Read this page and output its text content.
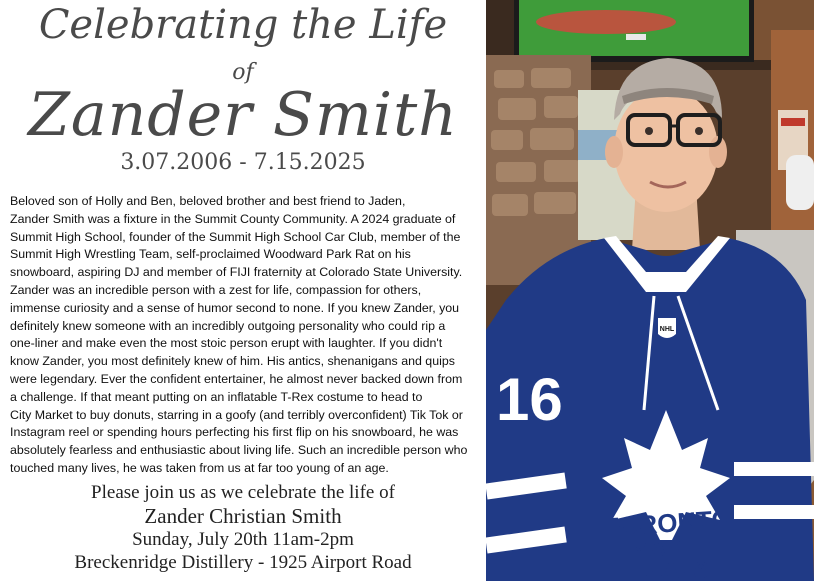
Celebrating the Life
of
Zander Smith
3.07.2006 - 7.15.2025
Beloved son of Holly and Ben, beloved brother and best friend to Jaden,
Zander Smith was a fixture in the Summit County Community. A 2024 graduate of
Summit High School, founder of the Summit High School Car Club, member of the
Summit High Wrestling Team, self-proclaimed Woodward Park Rat on his
snowboard, aspiring DJ and member of FIJI fraternity at Colorado State University.
Zander was an incredible person with a zest for life, compassion for others,
immense curiosity and a sense of humor second to none. If you knew Zander, you
definitely knew someone with an incredibly outgoing personality who could rip a
one-liner and make even the most stoic person erupt with laughter. If you didn't
know Zander, you most definitely knew of him. His antics, shenanigans and quips
were legendary. Ever the confident entertainer, he almost never backed down from
a challenge. If that meant putting on an inflatable T-Rex costume to head to
City Market to buy donuts, starring in a goofy (and terribly overconfident) Tik Tok or
Instagram reel or spending hours perfecting his first flip on his snowboard, he was
absolutely fearless and enthusiastic about living life. Such an incredible person who
touched many lives, he was taken from us at far too young of an age.
Please join us as we celebrate the life of
Zander Christian Smith
Sunday, July 20th 11am-2pm
Breckenridge Distillery - 1925 Airport Road
TORONTO
MAPLE
LEAFS
16
NHL
